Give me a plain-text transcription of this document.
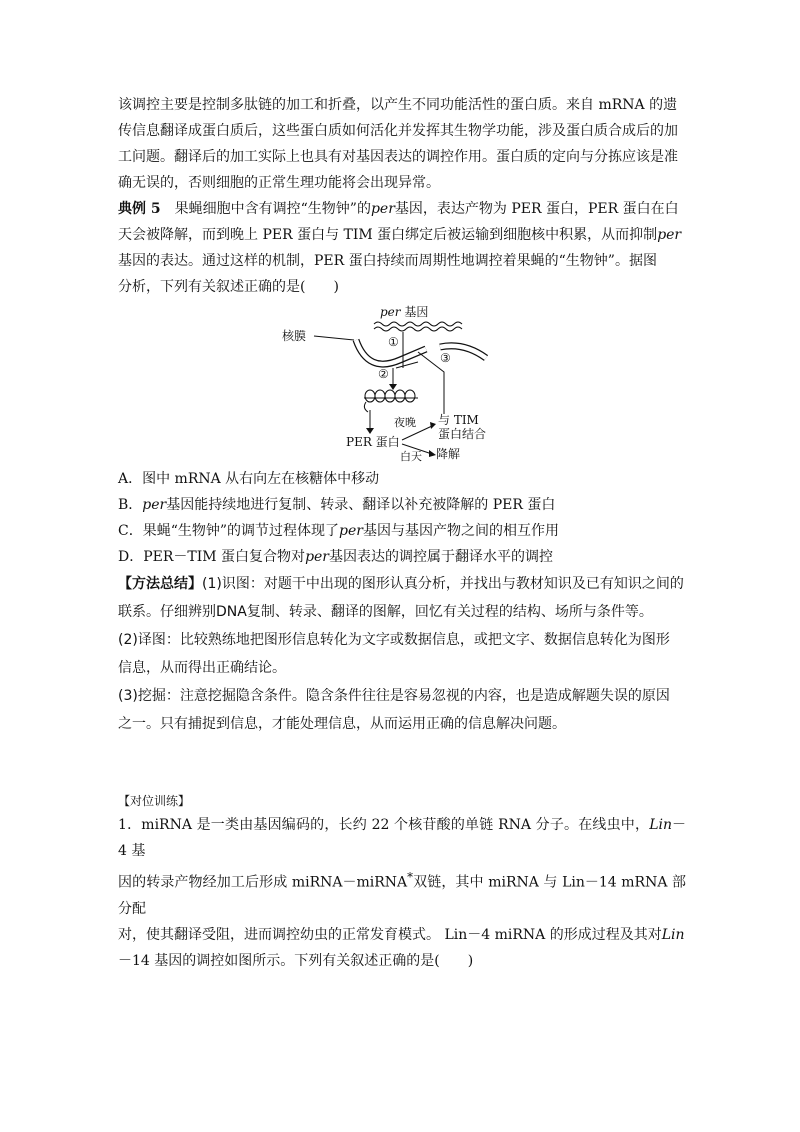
该调控主要是控制多肽链的加工和折叠，以产生不同功能活性的蛋白质。来自 mRNA 的遗

传信息翻译成蛋白质后，这些蛋白质如何活化并发挥其生物学功能，涉及蛋白质合成后的加

工问题。翻译后的加工实际上也具有对基因表达的调控作用。蛋白质的定向与分拣应该是准

确无误的，否则细胞的正常生理功能将会出现异常。

典例 5　果蝇细胞中含有调控“生物钟”的per基因，表达产物为 PER 蛋白，PER 蛋白在白

天会被降解，而到晚上 PER 蛋白与 TIM 蛋白绑定后被运输到细胞核中积累，从而抑制per

基因的表达。通过这样的机制，PER 蛋白持续而周期性地调控着果蝇的“生物钟”。据图

分析，下列有关叙述正确的是(　　)

per 基因
核膜	①
②
③
PER 蛋白
与 TIM
蛋白结合
夜晚
白天 降解

A．图中 mRNA 从右向左在核糖体中移动

B．per基因能持续地进行复制、转录、翻译以补充被降解的 PER 蛋白

C．果蝇“生物钟”的调节过程体现了per基因与基因产物之间的相互作用

D．PER－TIM 蛋白复合物对per基因表达的调控属于翻译水平的调控

【方法总结】(1)识图：对题干中出现的图形认真分析，并找出与教材知识及已有知识之间的

联系。仔细辨别DNA复制、转录、翻译的图解，回忆有关过程的结构、场所与条件等。

(2)译图：比较熟练地把图形信息转化为文字或数据信息，或把文字、数据信息转化为图形

信息，从而得出正确结论。

(3)挖掘：注意挖掘隐含条件。隐含条件往往是容易忽视的内容，也是造成解题失误的原因

之一。只有捕捉到信息，才能处理信息，从而运用正确的信息解决问题。

【对位训练】

1．miRNA 是一类由基因编码的，长约 22 个核苷酸的单链 RNA 分子。在线虫中，Lin－4 基

因的转录产物经加工后形成 miRNA－miRNA*双链，其中 miRNA 与 Lin－14 mRNA 部分配

对，使其翻译受阻，进而调控幼虫的正常发育模式。 Lin－4 miRNA 的形成过程及其对Lin

－14 基因的调控如图所示。下列有关叙述正确的是(　　)
